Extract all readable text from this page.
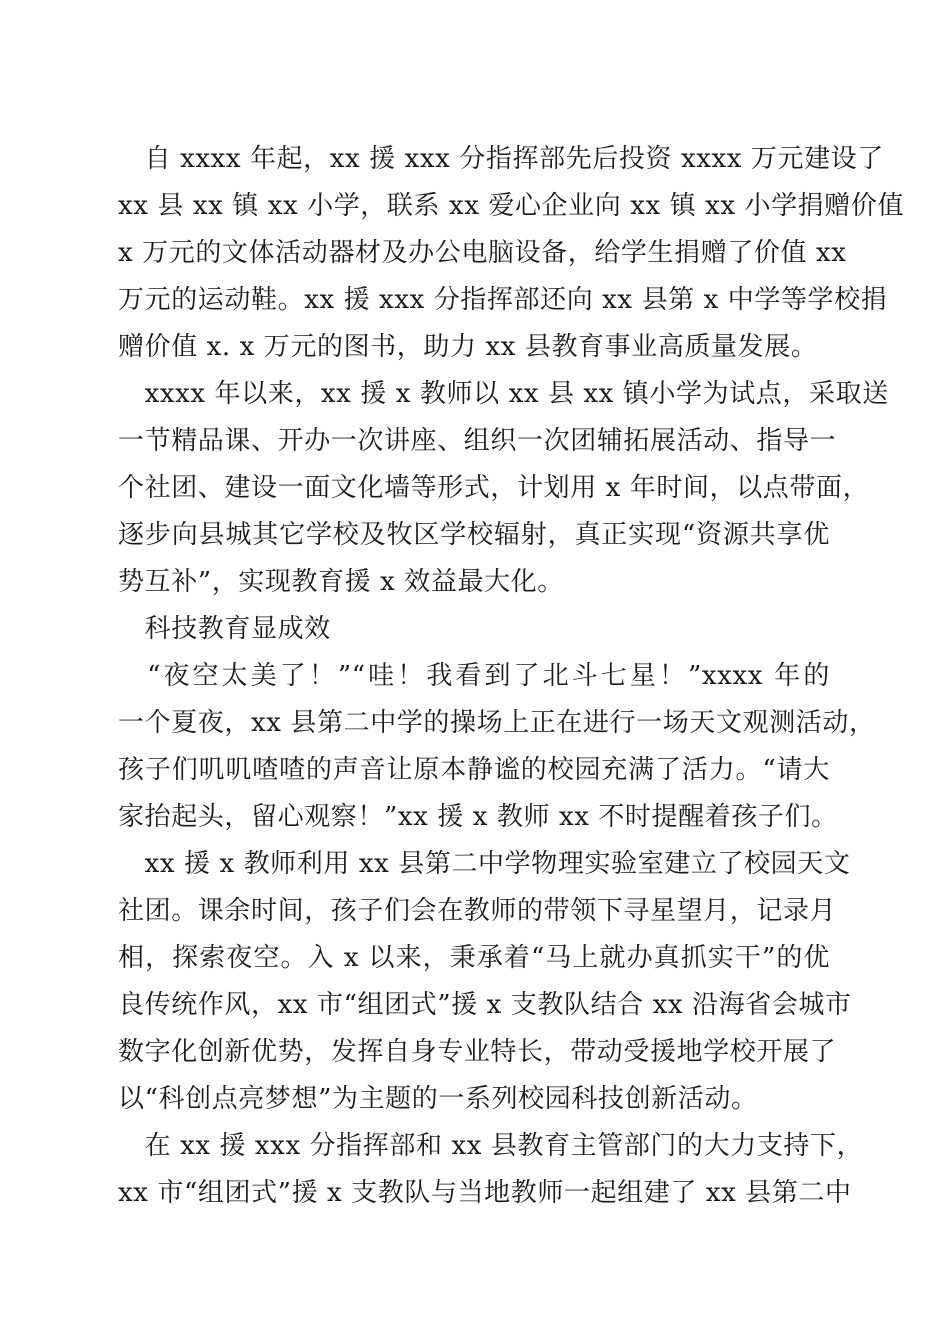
　自 xxxx 年起，xx 援 xxx 分指挥部先后投资 xxxx 万元建设了
xx 县 xx 镇 xx 小学，联系 xx 爱心企业向 xx 镇 xx 小学捐赠价值
x 万元的文体活动器材及办公电脑设备，给学生捐赠了价值 xx
万元的运动鞋。xx 援 xxx 分指挥部还向 xx 县第 x 中学等学校捐
赠价值 x. x 万元的图书，助力 xx 县教育事业高质量发展。
　xxxx 年以来，xx 援 x 教师以 xx 县 xx 镇小学为试点，采取送
一节精品课、开办一次讲座、组织一次团辅拓展活动、指导一
个社团、建设一面文化墙等形式，计划用 x 年时间，以点带面，
逐步向县城其它学校及牧区学校辐射，真正实现“资源共享优
势互补”，实现教育援 x 效益最大化。
　科技教育显成效
　“夜空太美了！”“哇！我看到了北斗七星！”xxxx 年的
一个夏夜，xx 县第二中学的操场上正在进行一场天文观测活动，
孩子们叽叽喳喳的声音让原本静谧的校园充满了活力。“请大
家抬起头，留心观察！”xx 援 x 教师 xx 不时提醒着孩子们。
　xx 援 x 教师利用 xx 县第二中学物理实验室建立了校园天文
社团。课余时间，孩子们会在教师的带领下寻星望月，记录月
相，探索夜空。入 x 以来，秉承着“马上就办真抓实干”的优
良传统作风，xx 市“组团式”援 x 支教队结合 xx 沿海省会城市
数字化创新优势，发挥自身专业特长，带动受援地学校开展了
以“科创点亮梦想”为主题的一系列校园科技创新活动。
　在 xx 援 xxx 分指挥部和 xx 县教育主管部门的大力支持下，
xx 市“组团式”援 x 支教队与当地教师一起组建了 xx 县第二中
